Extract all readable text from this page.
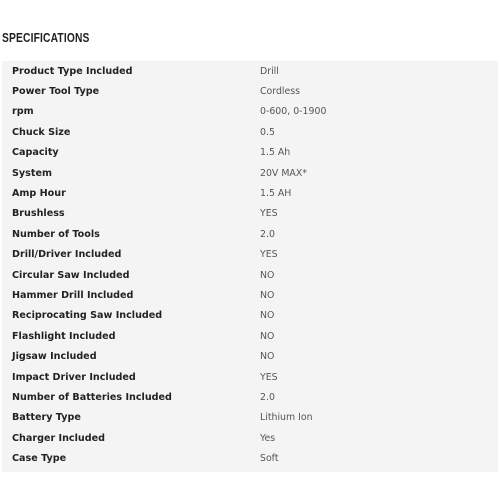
SPECIFICATIONS
Product Type Included	Drill
Power Tool Type	Cordless
rpm	0-600, 0-1900
Chuck Size	0.5
Capacity	1.5 Ah
System	20V MAX*
Amp Hour	1.5 AH
Brushless	YES
Number of Tools	2.0
Drill/Driver Included	YES
Circular Saw Included	NO
Hammer Drill Included	NO
Reciprocating Saw Included	NO
Flashlight Included	NO
Jigsaw Included	NO
Impact Driver Included	YES
Number of Batteries Included	2.0
Battery Type	Lithium Ion
Charger Included	Yes
Case Type	Soft
